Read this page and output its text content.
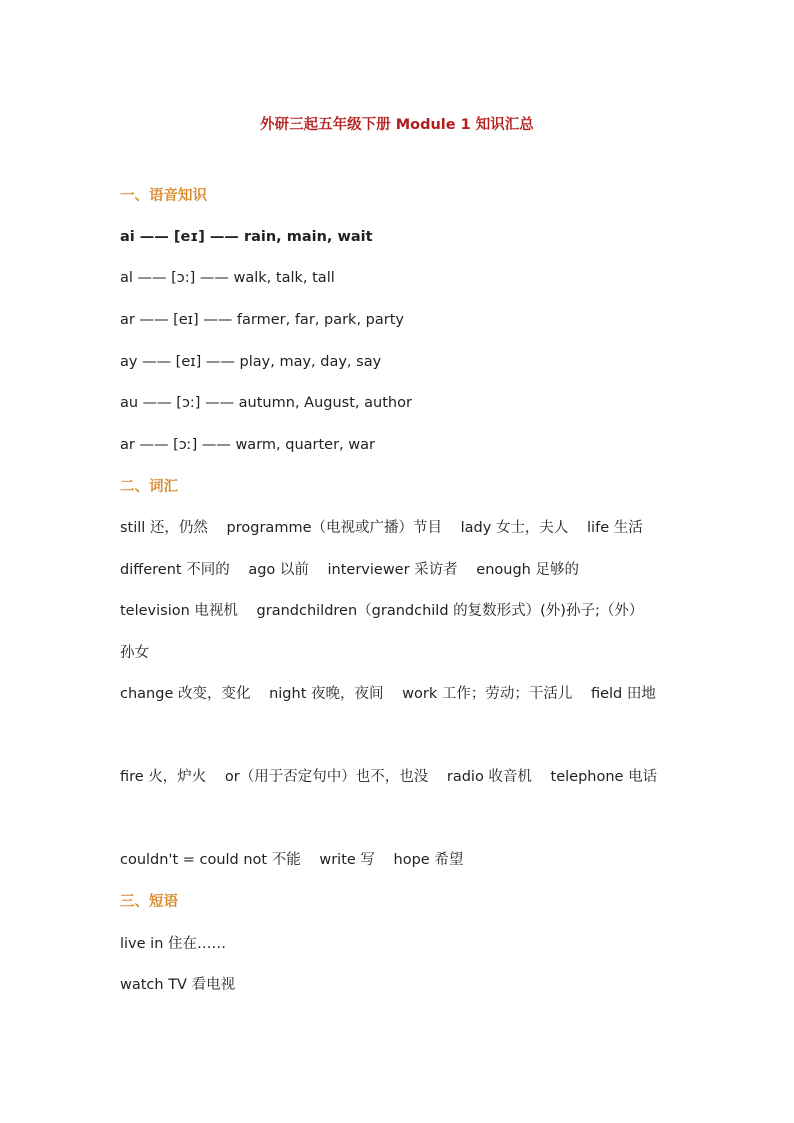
外研三起五年级下册 Module 1 知识汇总
一、语音知识
ai —— [eɪ] —— rain, main, wait
al —— [ɔ:] —— walk, talk, tall
ar —— [eɪ] —— farmer, far, park, party
ay —— [eɪ] —— play, may, day, say
au —— [ɔ:] —— autumn, August, author
ar —— [ɔː] —— warm, quarter, war
二、词汇
still 还，仍然 programme（电视或广播）节目 lady 女士，夫人 life 生活
different 不同的 ago 以前 interviewer 采访者 enough 足够的
television 电视机 grandchildren（grandchild 的复数形式）(外)孙子;（外）
孙女
change 改变，变化 night 夜晚，夜间 work 工作；劳动；干活儿 field 田地
fire 火，炉火 or（用于否定句中）也不，也没 radio 收音机 telephone 电话
couldn't = could not 不能 write 写 hope 希望
三、短语
live in 住在……
watch TV 看电视
